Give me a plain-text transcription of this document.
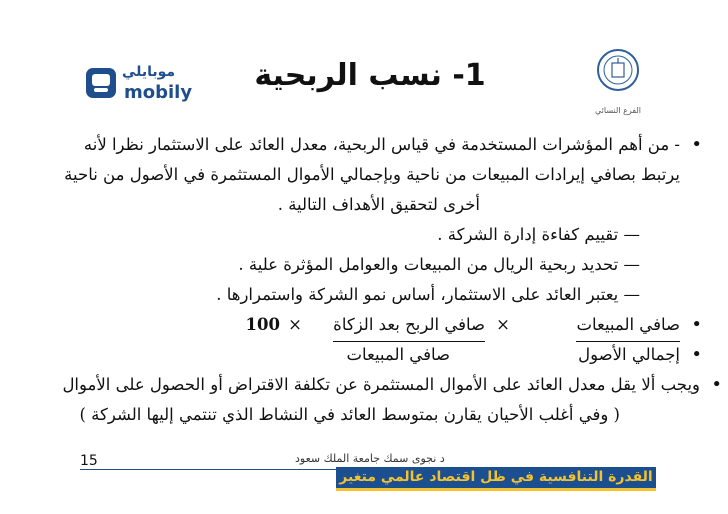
موبايلي
mobily
الفرع النسائي
1- نسب الربحية
• - من أهم المؤشرات المستخدمة في قياس الربحية، معدل العائد على الاستثمار نظرا لأنه
يرتبط بصافي إيرادات المبيعات من ناحية وبإجمالي الأموال المستثمرة في الأصول من ناحية
أخرى لتحقيق الأهداف التالية .
— تقييم كفاءة إدارة الشركة .
— تحديد ربحية الريال من المبيعات والعوامل المؤثرة علية .
— يعتبر العائد على الاستثمار، أساس نمو الشركة واستمرارها .
• صافي المبيعات
×
صافي الربح بعد الزكاة
×
100
• إجمالي الأصول
صافي المبيعات
• ويجب ألا يقل معدل العائد على الأموال المستثمرة عن تكلفة الاقتراض أو الحصول على الأموال
( وفي أغلب الأحيان يقارن بمتوسط العائد في النشاط الذي تنتمي إليها الشركة )
15	د نجوى سمك جامعة الملك سعود
القدرة التنافسية في ظل اقتصاد عالمي متغير
